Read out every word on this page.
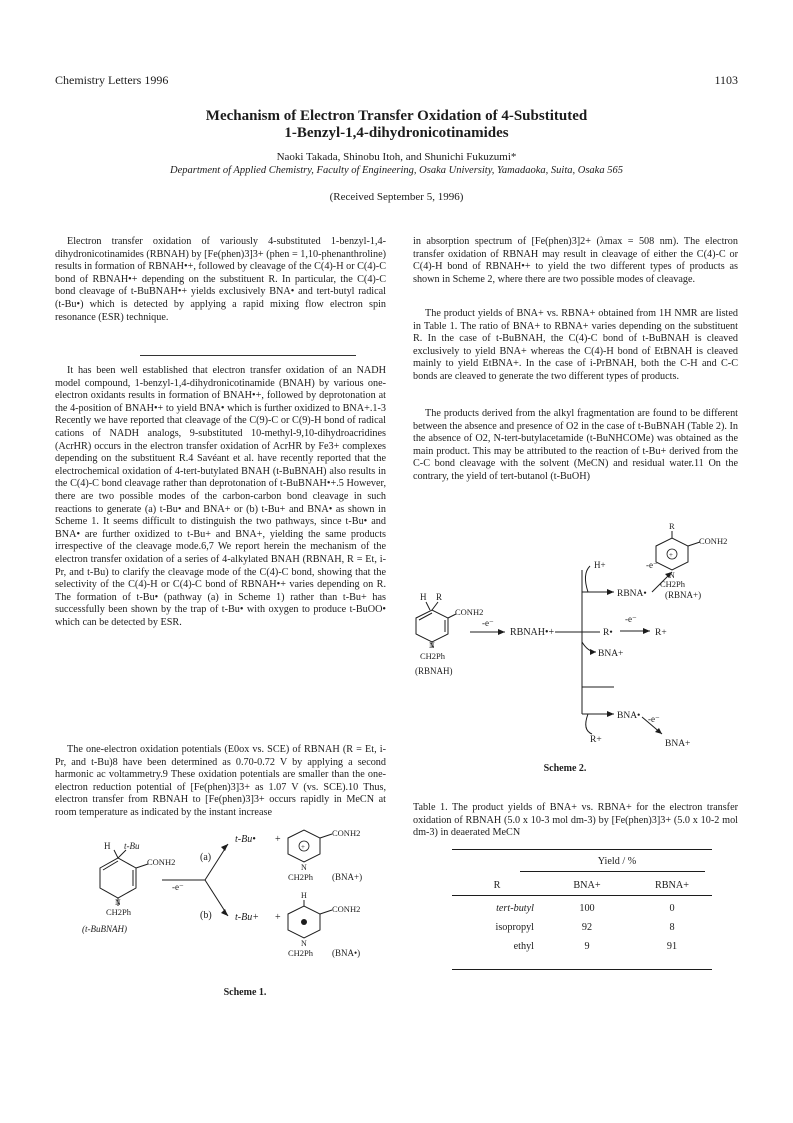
Chemistry Letters 1996	1103
Mechanism of Electron Transfer Oxidation of 4-Substituted
1-Benzyl-1,4-dihydronicotinamides
Naoki Takada, Shinobu Itoh, and Shunichi Fukuzumi*
Department of Applied Chemistry, Faculty of Engineering, Osaka University, Yamadaoka, Suita, Osaka 565
(Received September 5, 1996)

Electron transfer oxidation of variously 4-substituted 1-benzyl-1,4-dihydronicotinamides (RBNAH) by [Fe(phen)3]3+ (phen = 1,10-phenanthroline) results in formation of RBNAH•+, followed by cleavage of the C(4)-H or C(4)-C bond of RBNAH•+ depending on the substituent R. In particular, the C(4)-C bond cleavage of t-BuBNAH•+ yields exclusively BNA• and tert-butyl radical (t-Bu•) which is detected by applying a rapid mixing flow electron spin resonance (ESR) technique.

It has been well established that electron transfer oxidation of an NADH model compound, 1-benzyl-1,4-dihydronicotinamide (BNAH) by various one-electron oxidants results in formation of BNAH•+, followed by deprotonation at the 4-position of BNAH•+ to yield BNA• which is further oxidized to BNA+.1-3 Recently we have reported that cleavage of the C(9)-C or C(9)-H bond of radical cations of NADH analogs, 9-substituted 10-methyl-9,10-dihydroacridines (AcrHR) occurs in the electron transfer oxidation of AcrHR by Fe3+ complexes depending on the substituent R.4 Savéant et al. have recently reported that the electrochemical oxidation of 4-tert-butylated BNAH (t-BuBNAH) also results in the C(4)-C bond cleavage rather than deprotonation of t-BuBNAH•+.5 However, there are two possible modes of the carbon-carbon bond cleavage in such reactions to generate (a) t-Bu• and BNA+ or (b) t-Bu+ and BNA• as shown in Scheme 1. It seems difficult to distinguish the two pathways, since t-Bu• and BNA• are further oxidized to t-Bu+ and BNA+, yielding the same products irrespective of the cleavage mode.6,7 We report herein the mechanism of the electron transfer oxidation of a series of 4-alkylated BNAH (RBNAH, R = Et, i-Pr, and t-Bu) to clarify the cleavage mode of the C(4)-C bond, showing that the selectivity of the C(4)-H or C(4)-C bond of RBNAH•+ varies depending on R. The formation of t-Bu• (pathway (a) in Scheme 1) rather than t-Bu+ has successfully been shown by the trap of t-Bu• with oxygen to produce t-BuOO• which can be detected by ESR.

The one-electron oxidation potentials (E0ox vs. SCE) of RBNAH (R = Et, i-Pr, and t-Bu)8 have been determined as 0.70-0.72 V by applying a second harmonic ac voltammetry.9 These oxidation potentials are smaller than the one-electron reduction potential of [Fe(phen)3]3+ as 1.07 V (vs. SCE).10 Thus, electron transfer from RBNAH to [Fe(phen)3]3+ occurs rapidly in MeCN at room temperature as indicated by the instant increase

H t-Bu
CONH2
N
CH2Ph
(t-BuBNAH)
-e⁻
(a)
(b)
t-Bu• +
+
CONH2
N
CH2Ph (BNA+)
t-Bu+ +
H
CONH2
N
CH2Ph (BNA•)
Scheme 1.

in absorption spectrum of [Fe(phen)3]2+ (λmax = 508 nm). The electron transfer oxidation of RBNAH may result in cleavage of either the C(4)-C or C(4)-H bond of RBNAH•+ to yield the two different types of products as shown in Scheme 2, where there are two possible modes of cleavage.

The product yields of BNA+ vs. RBNA+ obtained from 1H NMR are listed in Table 1. The ratio of BNA+ to RBNA+ varies depending on the substituent R. In the case of t-BuBNAH, the C(4)-C bond of t-BuBNAH is cleaved exclusively to yield BNA+ whereas the C(4)-H bond of EtBNAH is cleaved mainly to yield EtBNA+. In the case of i-PrBNAH, both the C-H and C-C bonds are cleaved to generate the two different types of products.

The products derived from the alkyl fragmentation are found to be different between the absence and presence of O2 in the case of t-BuBNAH (Table 2). In the absence of O2, N-tert-butylacetamide (t-BuNHCOMe) was obtained as the main product. This may be attributed to the reaction of t-Bu+ derived from the C-C bond cleavage with the solvent (MeCN) and residual water.11 On the contrary, the yield of tert-butanol (t-BuOH)

H R
CONH2
N
CH2Ph
(RBNAH)
-e⁻
RBNAH•+
H+
RBNA•
-e⁻
R
+
CONH2
N
CH2Ph
(RBNA+)
R•
-e⁻
R+
BNA+
BNA•
R+
-e⁻
BNA+
Scheme 2.

Table 1. The product yields of BNA+ vs. RBNA+ for the electron transfer oxidation of RBNAH (5.0 x 10-3 mol dm-3) by [Fe(phen)3]3+ (5.0 x 10-2 mol dm-3) in deaerated MeCN

Yield / %
R	BNA+	RBNA+

tert-butyl	100	0
isopropyl	92	8
ethyl	9	91
